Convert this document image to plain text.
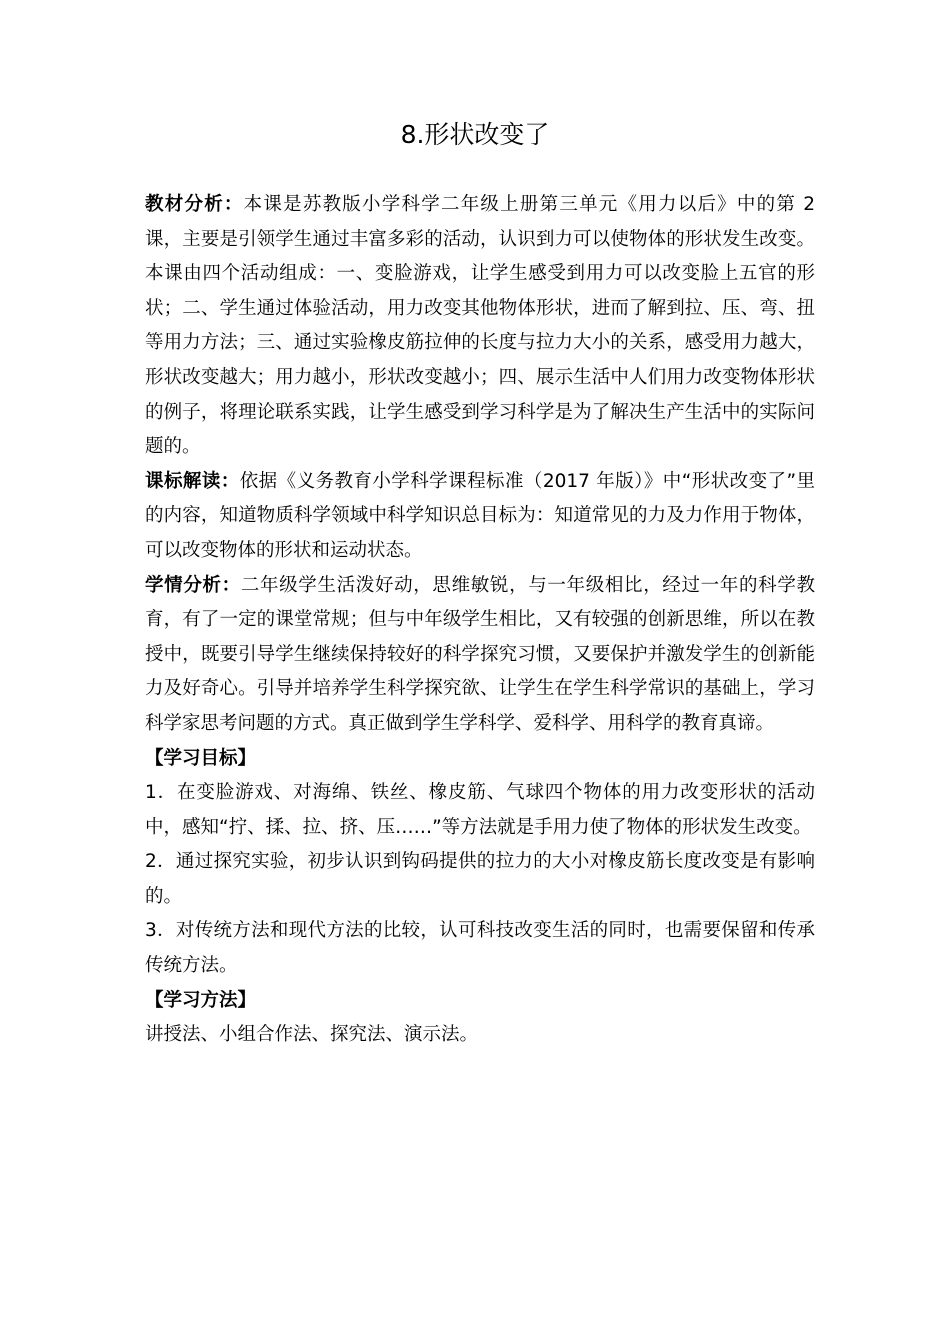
8.形状改变了

教材分析：本课是苏教版小学科学二年级上册第三单元《用力以后》中的第 2 课，主要是引领学生通过丰富多彩的活动，认识到力可以使物体的形状发生改变。本课由四个活动组成：一、变脸游戏，让学生感受到用力可以改变脸上五官的形状；二、学生通过体验活动，用力改变其他物体形状，进而了解到拉、压、弯、扭等用力方法；三、通过实验橡皮筋拉伸的长度与拉力大小的关系，感受用力越大，形状改变越大；用力越小，形状改变越小；四、展示生活中人们用力改变物体形状的例子，将理论联系实践，让学生感受到学习科学是为了解决生产生活中的实际问题的。

课标解读：依据《义务教育小学科学课程标准（2017 年版）》中“形状改变了”里的内容，知道物质科学领域中科学知识总目标为：知道常见的力及力作用于物体，可以改变物体的形状和运动状态。

学情分析：二年级学生活泼好动，思维敏锐，与一年级相比，经过一年的科学教育，有了一定的课堂常规；但与中年级学生相比，又有较强的创新思维，所以在教授中，既要引导学生继续保持较好的科学探究习惯，又要保护并激发学生的创新能力及好奇心。引导并培养学生科学探究欲、让学生在学生科学常识的基础上，学习科学家思考问题的方式。真正做到学生学科学、爱科学、用科学的教育真谛。

【学习目标】

1．在变脸游戏、对海绵、铁丝、橡皮筋、气球四个物体的用力改变形状的活动中，感知“拧、揉、拉、挤、压……”等方法就是手用力使了物体的形状发生改变。

2．通过探究实验，初步认识到钩码提供的拉力的大小对橡皮筋长度改变是有影响的。

3．对传统方法和现代方法的比较，认可科技改变生活的同时，也需要保留和传承传统方法。

【学习方法】

讲授法、小组合作法、探究法、演示法。
